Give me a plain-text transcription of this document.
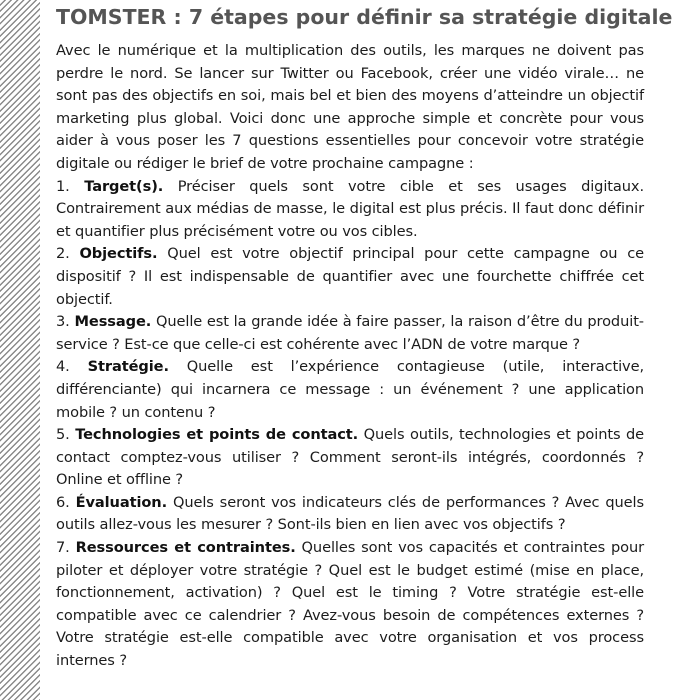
TOMSTER : 7 étapes pour définir sa stratégie digitale

Avec le numérique et la multiplication des outils, les marques ne doivent pas perdre le nord. Se lancer sur Twitter ou Facebook, créer une vidéo virale… ne sont pas des objectifs en soi, mais bel et bien des moyens d’atteindre un objectif marketing plus global. Voici donc une approche simple et concrète pour vous aider à vous poser les 7 questions essentielles pour concevoir votre stratégie digitale ou rédiger le brief de votre prochaine campagne :

1. Target(s). Préciser quels sont votre cible et ses usages digitaux. Contrairement aux médias de masse, le digital est plus précis. Il faut donc définir et quantifier plus précisément votre ou vos cibles.

2. Objectifs. Quel est votre objectif principal pour cette campagne ou ce dispositif ? Il est indispensable de quantifier avec une fourchette chiffrée cet objectif.

3. Message. Quelle est la grande idée à faire passer, la raison d’être du produit-service ? Est-ce que celle-ci est cohérente avec l’ADN de votre marque ?

4. Stratégie. Quelle est l’expérience contagieuse (utile, interactive, différenciante) qui incarnera ce message : un événement ? une application mobile ? un contenu ?

5. Technologies et points de contact. Quels outils, technologies et points de contact comptez-vous utiliser ? Comment seront-ils intégrés, coordonnés ? Online et offline ?

6. Évaluation. Quels seront vos indicateurs clés de performances ? Avec quels outils allez-vous les mesurer ? Sont-ils bien en lien avec vos objectifs ?

7. Ressources et contraintes. Quelles sont vos capacités et contraintes pour piloter et déployer votre stratégie ? Quel est le budget estimé (mise en place, fonctionnement, activation) ? Quel est le timing ? Votre stratégie est-elle compatible avec ce calendrier ? Avez-vous besoin de compétences externes ? Votre stratégie est-elle compatible avec votre organisation et vos process internes ?
